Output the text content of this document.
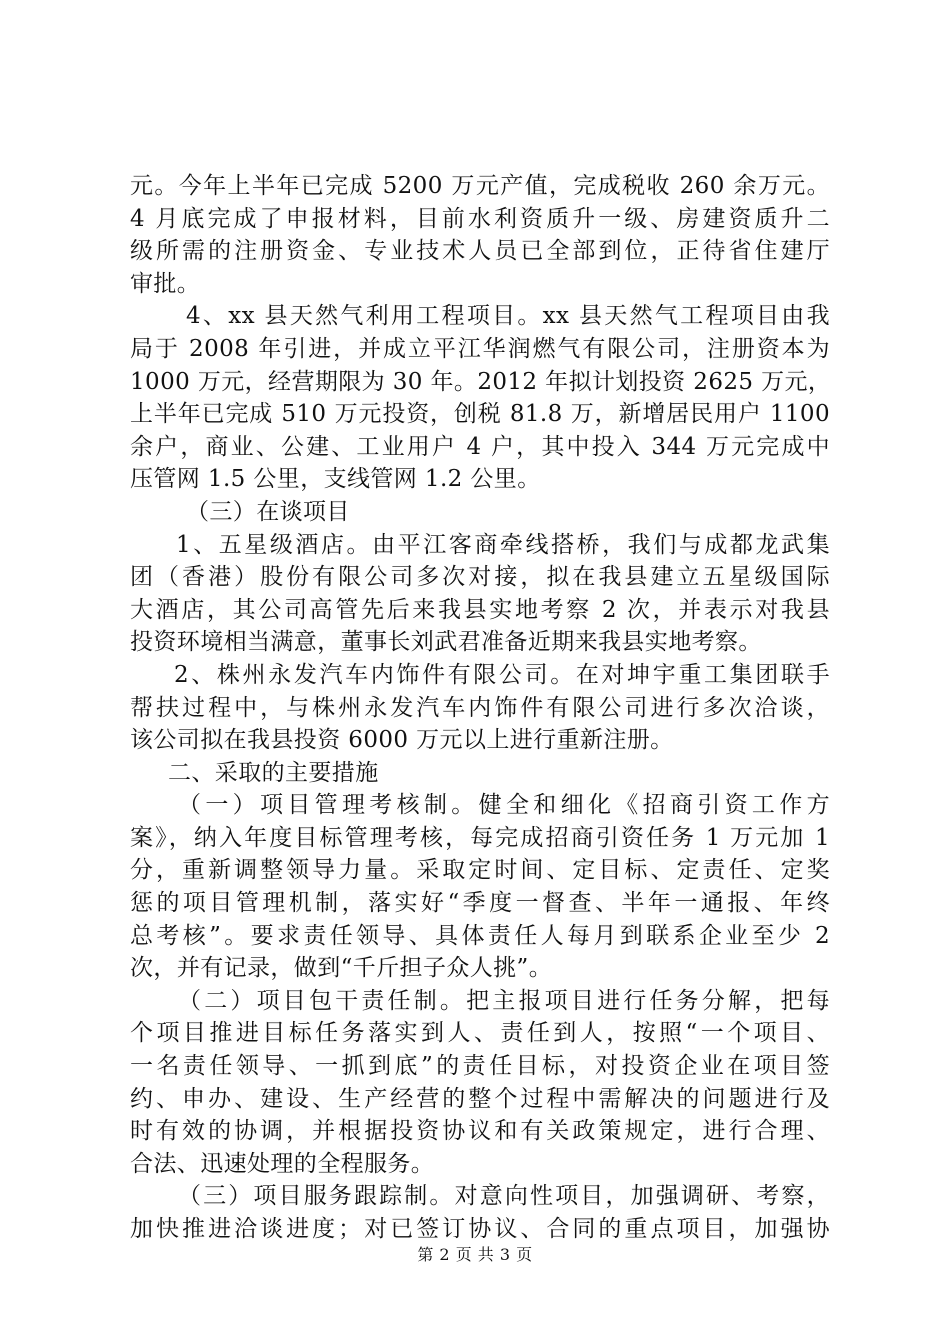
元。今年上半年已完成 5200 万元产值，完成税收 260 余万元。
4 月底完成了申报材料，目前水利资质升一级、房建资质升二
级所需的注册资金、专业技术人员已全部到位，正待省住建厅
审批。
4、xx 县天然气利用工程项目。xx 县天然气工程项目由我
局于 2008 年引进，并成立平江华润燃气有限公司，注册资本为
1000 万元，经营期限为 30 年。2012 年拟计划投资 2625 万元，
上半年已完成 510 万元投资，创税 81.8 万，新增居民用户 1100
余户，商业、公建、工业用户 4 户，其中投入 344 万元完成中
压管网 1.5 公里，支线管网 1.2 公里。
（三）在谈项目
1、五星级酒店。由平江客商牵线搭桥，我们与成都龙武集
团（香港）股份有限公司多次对接，拟在我县建立五星级国际
大酒店，其公司高管先后来我县实地考察 2 次，并表示对我县
投资环境相当满意，董事长刘武君准备近期来我县实地考察。
2、株州永发汽车内饰件有限公司。在对坤宇重工集团联手
帮扶过程中，与株州永发汽车内饰件有限公司进行多次洽谈，
该公司拟在我县投资 6000 万元以上进行重新注册。
二、采取的主要措施
（一）项目管理考核制。健全和细化《招商引资工作方
案》，纳入年度目标管理考核，每完成招商引资任务 1 万元加 1
分，重新调整领导力量。采取定时间、定目标、定责任、定奖
惩的项目管理机制，落实好“季度一督查、半年一通报、年终
总考核”。要求责任领导、具体责任人每月到联系企业至少 2
次，并有记录，做到“千斤担子众人挑”。
（二）项目包干责任制。把主报项目进行任务分解，把每
个项目推进目标任务落实到人、责任到人，按照“一个项目、
一名责任领导、一抓到底”的责任目标，对投资企业在项目签
约、申办、建设、生产经营的整个过程中需解决的问题进行及
时有效的协调，并根据投资协议和有关政策规定，进行合理、
合法、迅速处理的全程服务。
（三）项目服务跟踪制。对意向性项目，加强调研、考察，
加快推进洽谈进度；对已签订协议、合同的重点项目，加强协
第 2 页 共 3 页
